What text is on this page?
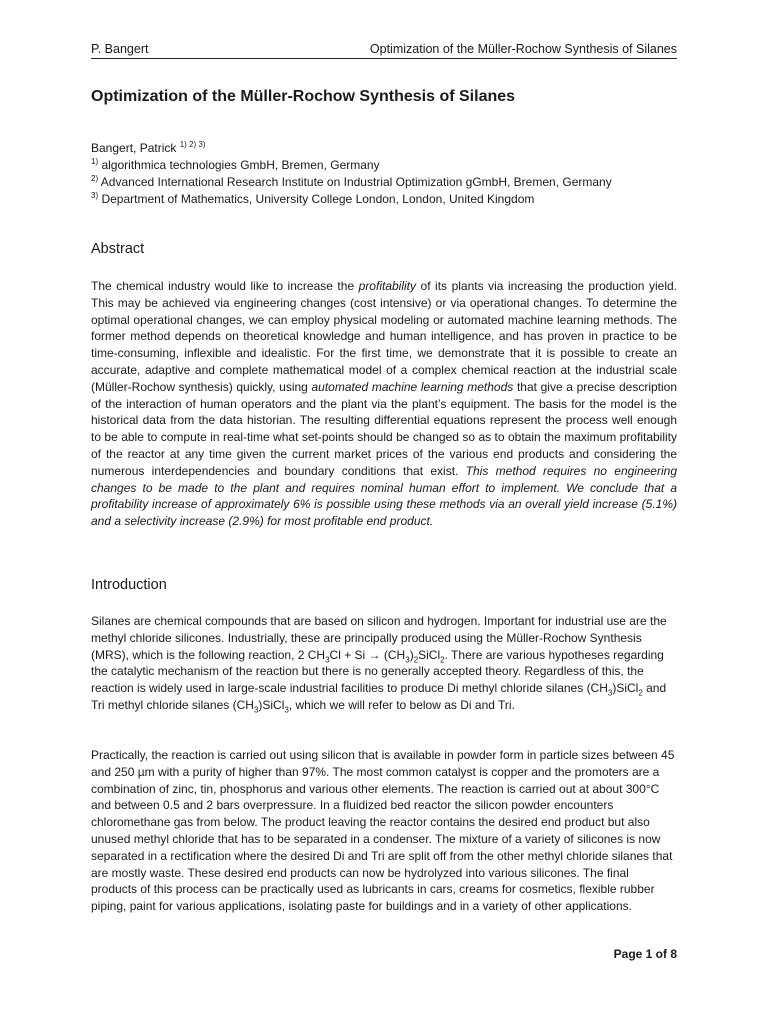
P. Bangert	Optimization of the Müller-Rochow Synthesis of Silanes
Optimization of the Müller-Rochow Synthesis of Silanes
Bangert, Patrick $^{1) 2) 3)}$
$^{1)}$ algorithmica technologies GmbH, Bremen, Germany
$^{2)}$ Advanced International Research Institute on Industrial Optimization gGmbH, Bremen, Germany
$^{3)}$ Department of Mathematics, University College London, London, United Kingdom
Abstract

The chemical industry would like to increase the profitability of its plants via increasing the production yield. This may be achieved via engineering changes (cost intensive) or via operational changes. To determine the optimal operational changes, we can employ physical modeling or automated machine learning methods. The former method depends on theoretical knowledge and human intelligence, and has proven in practice to be time-consuming, inflexible and idealistic. For the first time, we demonstrate that it is possible to create an accurate, adaptive and complete mathematical model of a complex chemical reaction at the industrial scale (Müller-Rochow synthesis) quickly, using automated machine learning methods that give a precise description of the interaction of human operators and the plant via the plant’s equipment. The basis for the model is the historical data from the data historian. The resulting differential equations represent the process well enough to be able to compute in real-time what set-points should be changed so as to obtain the maximum profitability of the reactor at any time given the current market prices of the various end products and considering the numerous interdependencies and boundary conditions that exist. This method requires no engineering changes to be made to the plant and requires nominal human effort to implement. We conclude that a profitability increase of approximately 6% is possible using these methods via an overall yield increase (5.1%) and a selectivity increase (2.9%) for most profitable end product.

Introduction

Silanes are chemical compounds that are based on silicon and hydrogen. Important for industrial use are the methyl chloride silicones. Industrially, these are principally produced using the Müller-Rochow Synthesis (MRS), which is the following reaction, 2 $CH_3Cl + Si$ → $(CH_3)_2SiCl_2$. There are various hypotheses regarding the catalytic mechanism of the reaction but there is no generally accepted theory. Regardless of this, the reaction is widely used in large-scale industrial facilities to produce Di methyl chloride silanes $(CH_3)SiCl_2$ and Tri methyl chloride silanes $(CH_3)SiCl_3$, which we will refer to below as Di and Tri.

Practically, the reaction is carried out using silicon that is available in powder form in particle sizes between 45 and 250 µm with a purity of higher than 97%. The most common catalyst is copper and the promoters are a combination of zinc, tin, phosphorus and various other elements. The reaction is carried out at about 300°C and between 0.5 and 2 bars overpressure. In a fluidized bed reactor the silicon powder encounters chloromethane gas from below. The product leaving the reactor contains the desired end product but also unused methyl chloride that has to be separated in a condenser. The mixture of a variety of silicones is now separated in a rectification where the desired Di and Tri are split off from the other methyl chloride silanes that are mostly waste. These desired end products can now be hydrolyzed into various silicones. The final products of this process can be practically used as lubricants in cars, creams for cosmetics, flexible rubber piping, paint for various applications, isolating paste for buildings and in a variety of other applications.

Page 1 of 8
